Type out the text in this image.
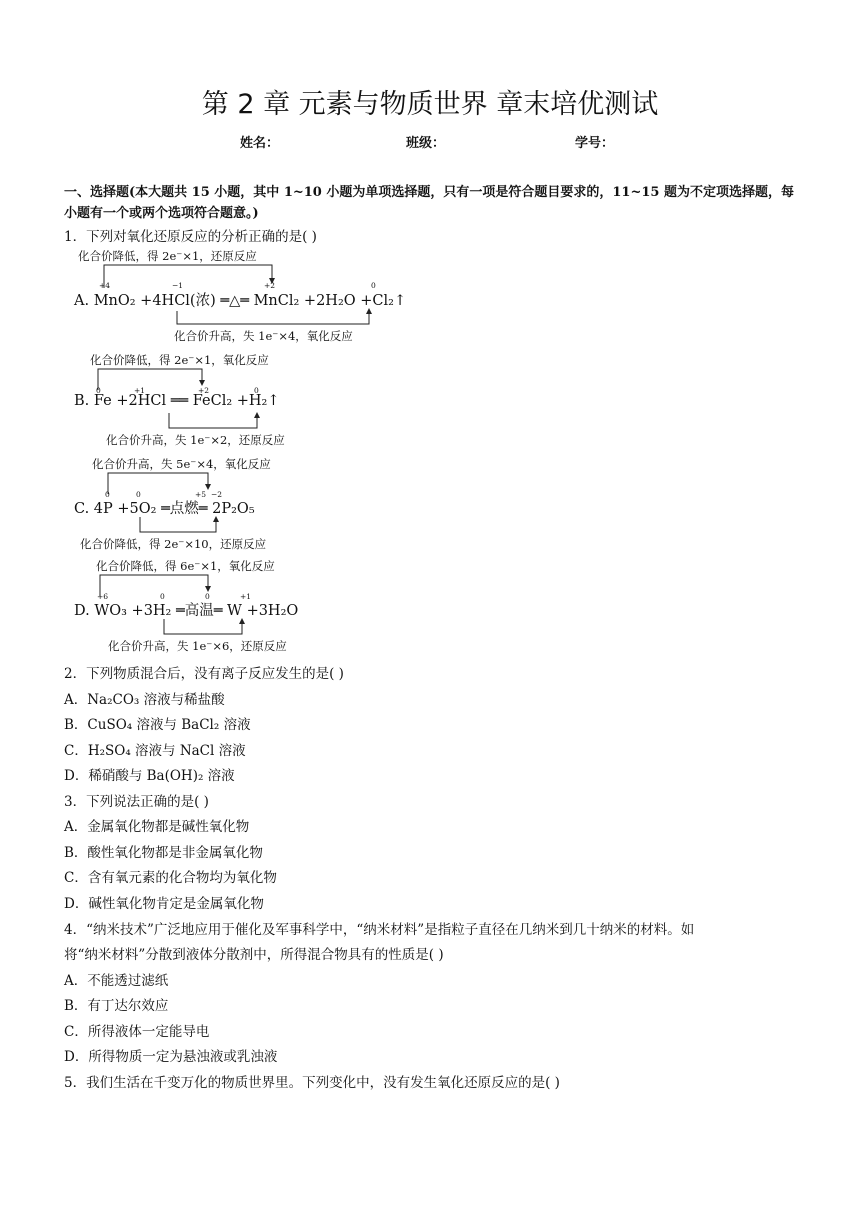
第 2 章 元素与物质世界 章末培优测试
姓名：	班级：	学号：
一、选择题(本大题共 15 小题，其中 1~10 小题为单项选择题，只有一项是符合题目要求的，11~15 题为不定项选择题，每小题有一个或两个选项符合题意。)
1．下列对氧化还原反应的分析正确的是( )
化合价降低，得 2e⁻×1，还原反应
+4	−1	+2	0
A. MnO₂ +4HCl(浓) ═△═ MnCl₂ +2H₂O +Cl₂↑
化合价升高，失 1e⁻×4，氧化反应
化合价降低，得 2e⁻×1，氧化反应
0	+1	+2	0
B. Fe +2HCl ══ FeCl₂ +H₂↑
化合价升高，失 1e⁻×2，还原反应
化合价升高，失 5e⁻×4，氧化反应
0	0	+5 −2
C. 4P +5O₂ ═点燃═ 2P₂O₅
化合价降低，得 2e⁻×10，还原反应
化合价降低，得 6e⁻×1，氧化反应
+6	0	0	+1
D. WO₃ +3H₂ ═高温═ W +3H₂O
化合价升高，失 1e⁻×6，还原反应
2．下列物质混合后，没有离子反应发生的是( )
A．Na₂CO₃ 溶液与稀盐酸
B．CuSO₄ 溶液与 BaCl₂ 溶液
C．H₂SO₄ 溶液与 NaCl 溶液
D．稀硝酸与 Ba(OH)₂ 溶液
3．下列说法正确的是( )
A．金属氧化物都是碱性氧化物
B．酸性氧化物都是非金属氧化物
C．含有氧元素的化合物均为氧化物
D．碱性氧化物肯定是金属氧化物
4．“纳米技术”广泛地应用于催化及军事科学中，“纳米材料”是指粒子直径在几纳米到几十纳米的材料。如
将“纳米材料”分散到液体分散剂中，所得混合物具有的性质是( )
A．不能透过滤纸
B．有丁达尔效应
C．所得液体一定能导电
D．所得物质一定为悬浊液或乳浊液
5．我们生活在千变万化的物质世界里。下列变化中，没有发生氧化还原反应的是( )
